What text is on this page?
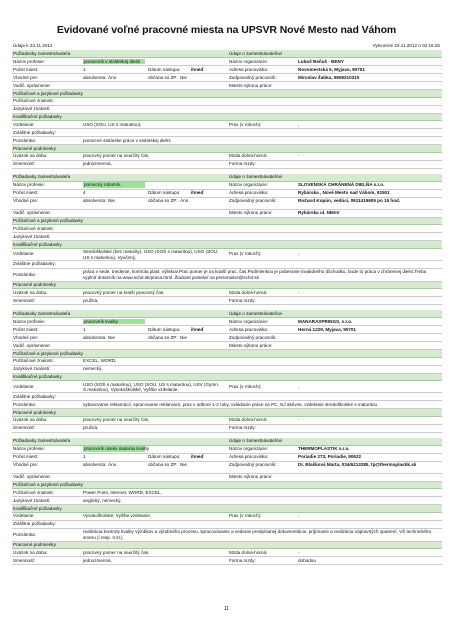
Evidované voľné pracovné miesta na UPSVR Nové Mesto nad Váhom
Údaje k 23.11.2012	Vytvorené 23.11.2012 o 02:16:25
Požiadavky zamestnávateľa	Údaje o zamestnávateľovi
Názov profesie:	pomocník v stolárskej dielni	Názov organizácie:	Luboš Beňuš - BENY
Počet miest:	1	Dátum nástupu: ihneď	Adresa pracoviska:	Novomestská 6, Myjava, 90701
Vhodné pre:	absolventa: Áno	občana so ZP: Nie	Zodpovedný pracovník:	Miroslav Žabka, 0908210310
Vodič. oprávnenie:	Miesto výkonu práce:
Počítačové a jazykové požiadavky
Počítačové znalosti:
Jazykové znalosti:
Kvalifikačné požiadavky
Vzdelanie:	USO (SOU, US s maturitou),	Prax (v rokoch):	,
Zvláštne požiadavky:
Poznámka:	pomocné stolárske práce v stolárskej dielni
Pracovné podmienky
Úväzok na dobu:	pracovný pomer na neurčitý čas,	Mzda dolná-horná:	-
Smennosť:	jednozmenná,	Forma mzdy:
Požiadavky zamestnávateľa	Údaje o zamestnávateľovi
Názov profesie:	pomocný robotník	Názov organizácie:	SLOVENSKÁ CHRÁNENÁ DIELŇA s.r.o.
Počet miest:	4	Dátum nástupu: ihneď	Adresa pracoviska:	Rybárska , Nové Mesto nad Váhom, 91501
Vhodné pre:	absolventa: Nie	občana so ZP: Áno	Zodpovedný pracovník:	Richard Kopún, vedúci, 0911415605 po 15 hod.
Vodič. oprávnenie:	Miesto výkonu práce:	Rybárska ul. NMnV
Počítačové a jazykové požiadavky
Počítačové znalosti:
Jazykové znalosti:
Kvalifikačné požiadavky
Vzdelanie:	Stredoškolské (bez maturity), USO (SOŠ s maturitou), USO (SOU, US s maturitou), Vyučený,
Prax (v rokoch):	,
Zvláštne požiadavky:
Poznámka:	práca v sede, triedenie, kontrola plast. výliskov.Prac pomer je na kratší prac. čas.Podmienkou je poberanie invalidného dôchodku, bude to práca v chránenej dielni.Treba vyplniť dotazník na www.schd.sk/praca.html. Žiadosti posielať na personalne@schd.sk
Pracovné podmienky
Úväzok na dobu:	pracovný pomer na kratší pracovný čas,	Mzda dolná-horná:	-
Smennosť:	pružná,	Forma mzdy:
Požiadavky zamestnávateľa	Údaje o zamestnávateľovi
Názov profesie:	pracovník kvality	Názov organizácie:	MANARASPRINGS, s.r.o.
Počet miest:	1	Dátum nástupu: ihneď	Adresa pracoviska:	Horná 1229, Myjava, 90701
Vhodné pre:	absolventa: Nie	občana so ZP: Nie	Zodpovedný pracovník:
Vodič. oprávnenie:	Miesto výkonu práce:
Počítačové a jazykové požiadavky
Počítačové znalosti:	EXCEL, WORD,
Jazykové znalosti:	nemecký,
Kvalifikačné požiadavky
Vzdelanie:	USO (SOŠ s maturitou), USO (SOU, US s maturitou), USV (Gymn. S maturitou), Vysokoškolské, Vyššie vzdelanie,
Prax (v rokoch):	,
Zvláštne požiadavky:
Poznámka:	vybavovanie reklamácií, spracovanie reklamácií, prax v odbore 1-2 roky, ovládanie práce na PC, NJ aktívne, vzdelanie stredoškolské s maturitou
Pracovné podmienky
Úväzok na dobu:	pracovný pomer na neurčitý čas,	Mzda dolná-horná:	-
Smennosť:	pružná,	Forma mzdy:
Požiadavky zamestnávateľa	Údaje o zamestnávateľovi
Názov profesie:	pracovník úseku riadenia kvality	Názov organizácie:	THERMOPLASTIK s.r.o.
Počet miest:	1	Dátum nástupu: ihneď	Adresa pracoviska:	Poriadie 273, Poriadie, 90622
Vhodné pre:	absolventa: Áno	občana so ZP: Nie	Zodpovedný pracovník:	Dr. Blašková Marta, 034/6213285, tp@thermoplastik.sk
Vodič. oprávnenie:	Miesto výkonu práce:
Počítačové a jazykové požiadavky
Počítačové znalosti:	Power Point, Internet, WORD, EXCEL,
Jazykové znalosti:	anglický, nemecký,
Kvalifikačné požiadavky
Vzdelanie:	Vysokoškolské, Vyššie vzdelanie,	Prax (v rokoch):	,
Zvláštne požiadavky:
Poznámka:	realizácia kontroly kvality výrobkov a výrobného procesu, spracovávanie a vedenie predpísanej dokumentácie, príjímanie a realizácia nápravných opatrení, VŠ technického smeru (i resp. II.st.)
Pracovné podmienky
Úväzok na dobu:	pracovný pomer na neurčitý čas,	Mzda dolná-horná:	-
Smennosť:	jednozmenná,	Forma mzdy:	dohodou
11
